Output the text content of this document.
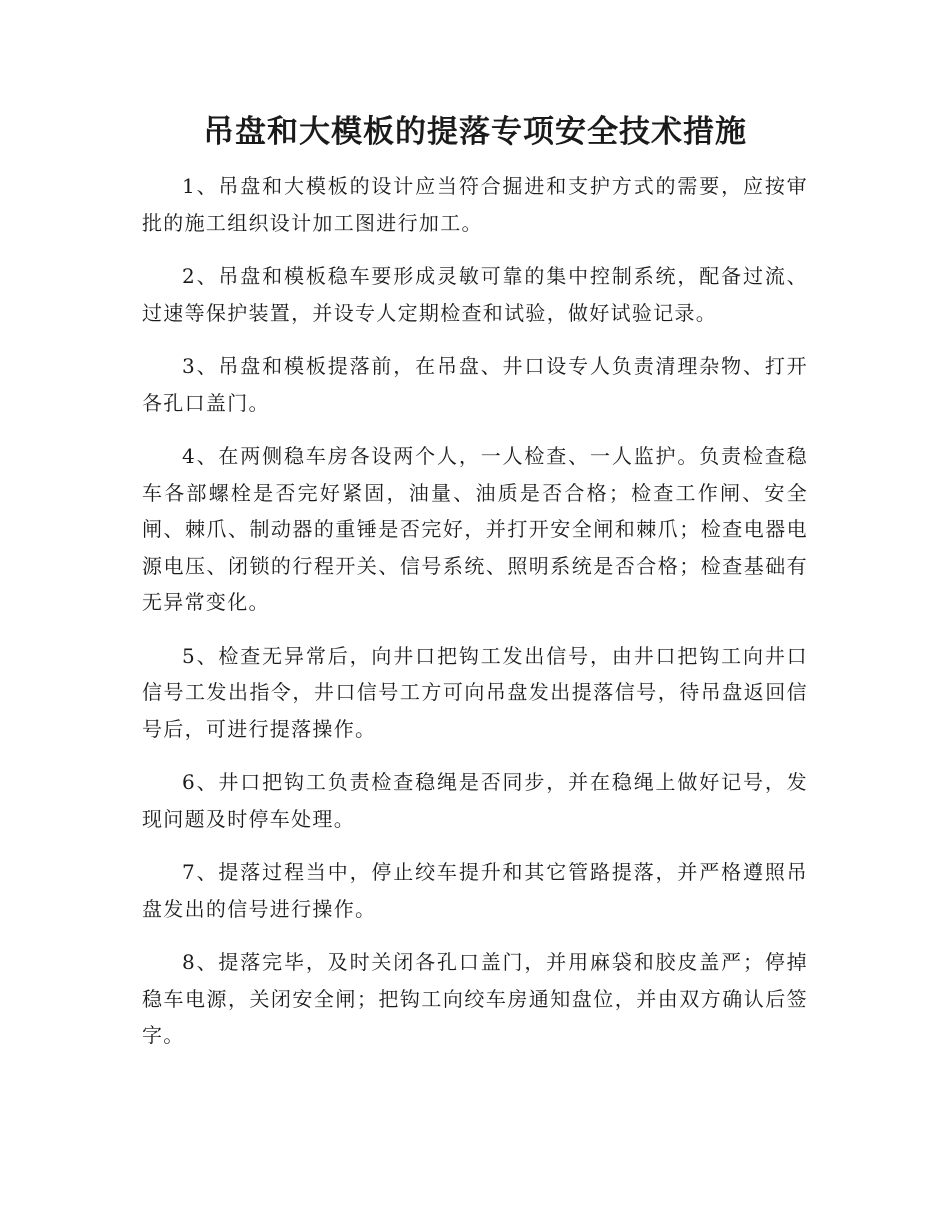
吊盘和大模板的提落专项安全技术措施

1、吊盘和大模板的设计应当符合掘进和支护方式的需要，应按审批的施工组织设计加工图进行加工。

2、吊盘和模板稳车要形成灵敏可靠的集中控制系统，配备过流、过速等保护装置，并设专人定期检查和试验，做好试验记录。

3、吊盘和模板提落前，在吊盘、井口设专人负责清理杂物、打开各孔口盖门。

4、在两侧稳车房各设两个人，一人检查、一人监护。负责检查稳车各部螺栓是否完好紧固，油量、油质是否合格；检查工作闸、安全闸、棘爪、制动器的重锤是否完好，并打开安全闸和棘爪；检查电器电源电压、闭锁的行程开关、信号系统、照明系统是否合格；检查基础有无异常变化。

5、检查无异常后，向井口把钩工发出信号，由井口把钩工向井口信号工发出指令，井口信号工方可向吊盘发出提落信号，待吊盘返回信号后，可进行提落操作。

6、井口把钩工负责检查稳绳是否同步，并在稳绳上做好记号，发现问题及时停车处理。

7、提落过程当中，停止绞车提升和其它管路提落，并严格遵照吊盘发出的信号进行操作。

8、提落完毕，及时关闭各孔口盖门，并用麻袋和胶皮盖严；停掉稳车电源，关闭安全闸；把钩工向绞车房通知盘位，并由双方确认后签字。
